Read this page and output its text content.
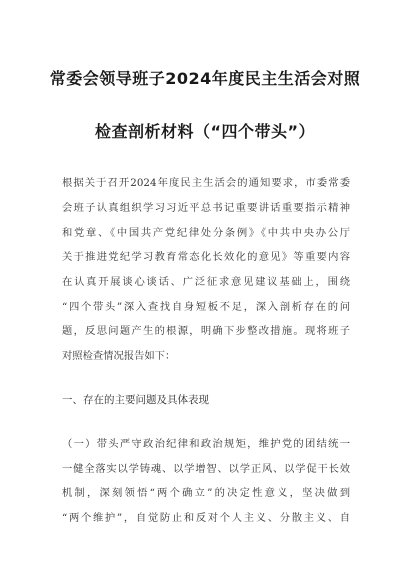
常委会领导班子2024年度民主生活会对照
检查剖析材料（“四个带头”）
根据关于召开2024年度民主生活会的通知要求，市委常委
会班子认真组织学习习近平总书记重要讲话重要指示精神
和党章、《中国共产党纪律处分条例》《中共中央办公厅
关于推进党纪学习教育常态化长效化的意见》等重要内容
在认真开展谈心谈话、广泛征求意见建议基础上，围绕
“四个带头”深入查找自身短板不足，深入剖析存在的问
题，反思问题产生的根源，明确下步整改措施。现将班子
对照检查情况报告如下：
一、存在的主要问题及具体表现
（一）带头严守政治纪律和政治规矩，维护党的团结统一
一健全落实以学铸魂、以学增智、以学正风、以学促干长效
机制，深刻领悟“两个确立”的决定性意义，坚决做到
“两个维护”，自觉防止和反对个人主义、分散主义、自
